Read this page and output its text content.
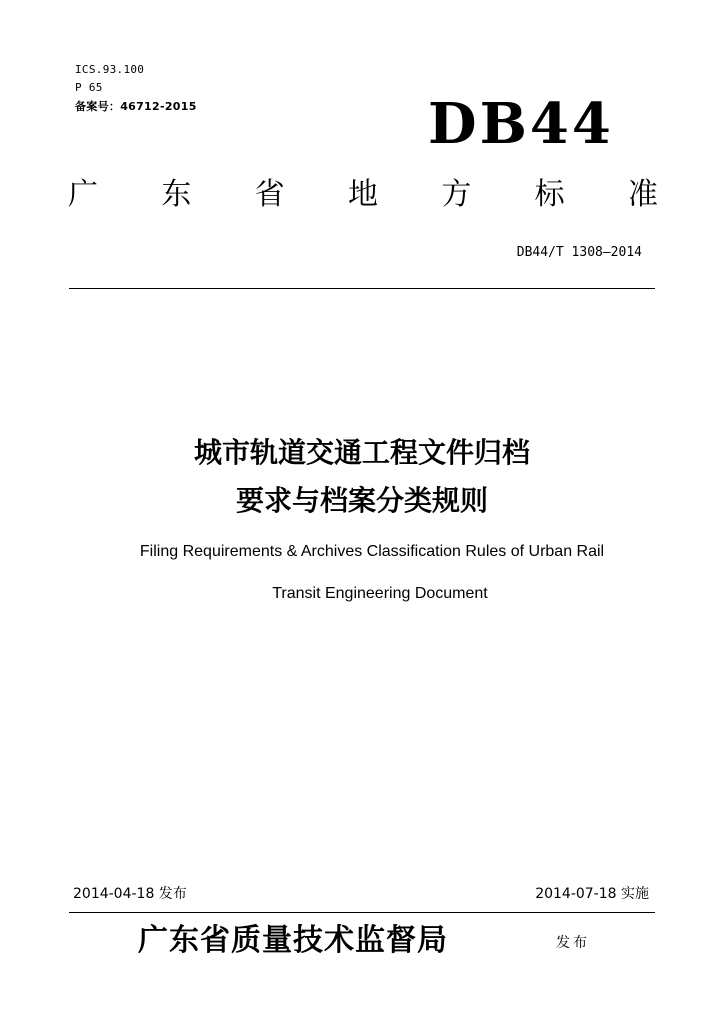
ICS.93.100
P 65
备案号：46712-2015	DB44
广 东 省 地 方 标 准
DB44/T 1308—2014
城市轨道交通工程文件归档
要求与档案分类规则
Filing Requirements & Archives Classification Rules of Urban Rail
Transit Engineering Document
2014-04-18 发布	2014-07-18 实施
广东省质量技术监督局	发布
